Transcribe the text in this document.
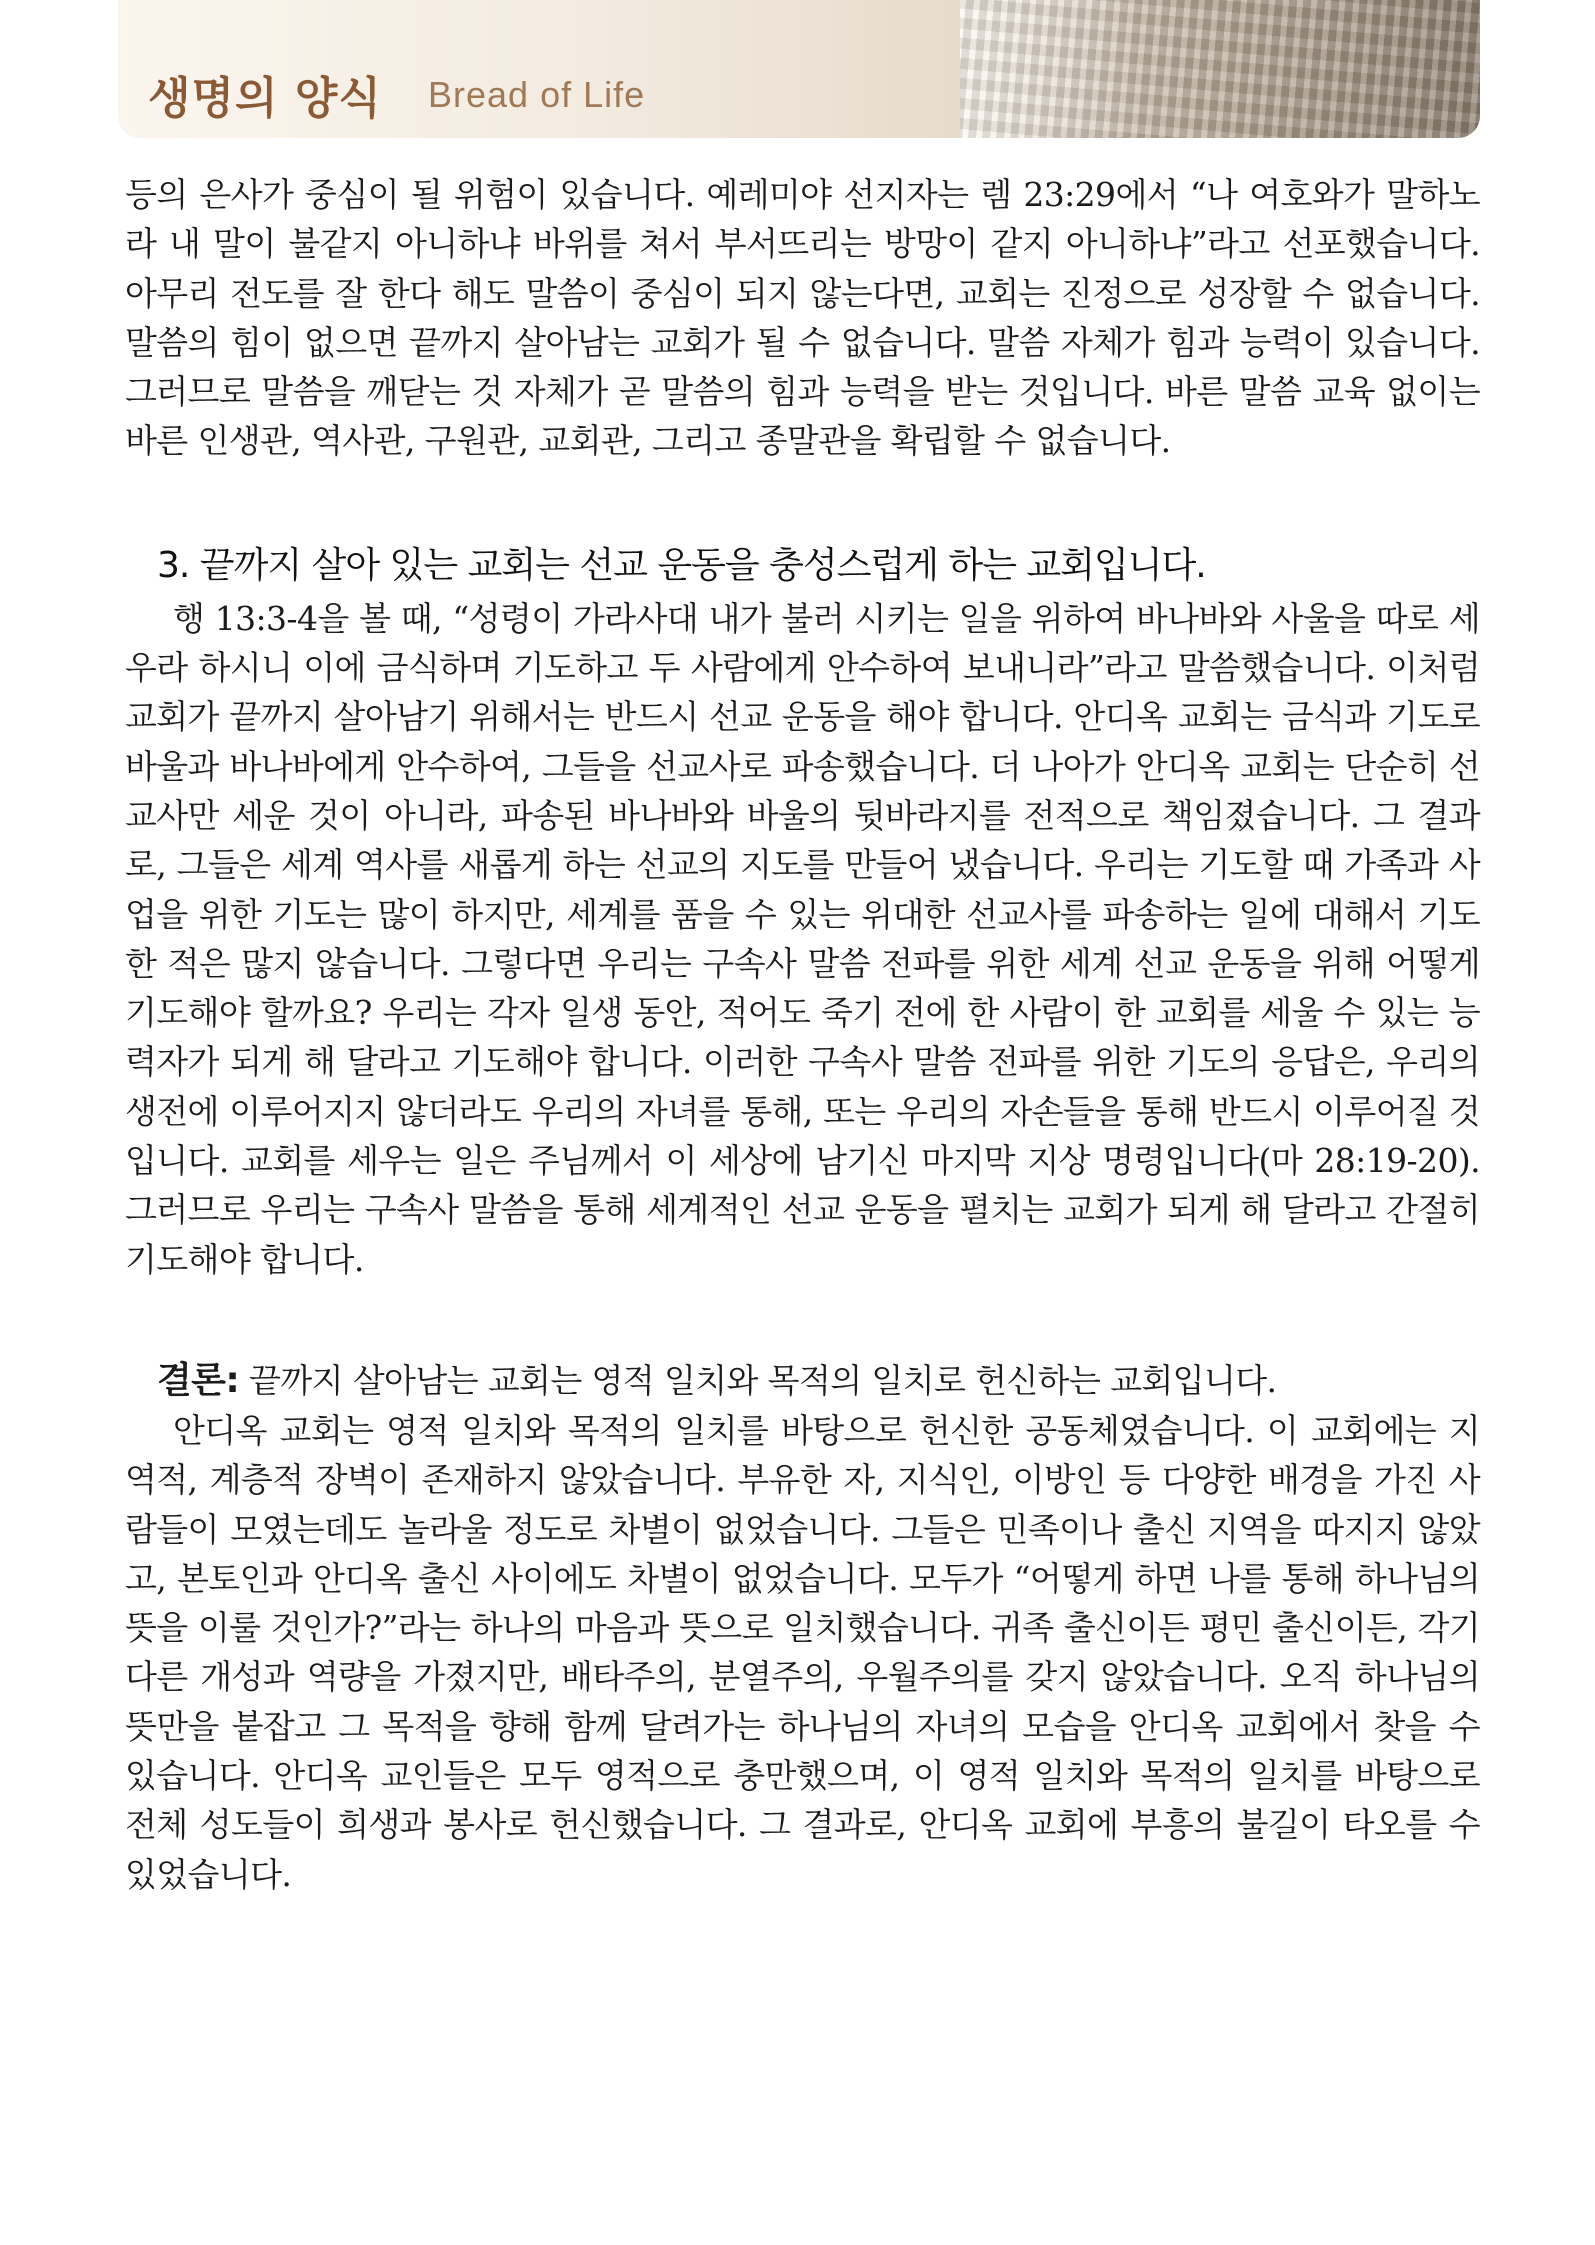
생명의 양식 Bread of Life

등의 은사가 중심이 될 위험이 있습니다. 예레미야 선지자는 렘 23:29에서 “나 여호와가 말하노라 내 말이 불같지 아니하냐 바위를 쳐서 부서뜨리는 방망이 같지 아니하냐”라고 선포했습니다. 아무리 전도를 잘 한다 해도 말씀이 중심이 되지 않는다면, 교회는 진정으로 성장할 수 없습니다. 말씀의 힘이 없으면 끝까지 살아남는 교회가 될 수 없습니다. 말씀 자체가 힘과 능력이 있습니다. 그러므로 말씀을 깨닫는 것 자체가 곧 말씀의 힘과 능력을 받는 것입니다. 바른 말씀 교육 없이는 바른 인생관, 역사관, 구원관, 교회관, 그리고 종말관을 확립할 수 없습니다.

3. 끝까지 살아 있는 교회는 선교 운동을 충성스럽게 하는 교회입니다.

행 13:3-4을 볼 때, “성령이 가라사대 내가 불러 시키는 일을 위하여 바나바와 사울을 따로 세우라 하시니 이에 금식하며 기도하고 두 사람에게 안수하여 보내니라”라고 말씀했습니다. 이처럼 교회가 끝까지 살아남기 위해서는 반드시 선교 운동을 해야 합니다. 안디옥 교회는 금식과 기도로 바울과 바나바에게 안수하여, 그들을 선교사로 파송했습니다. 더 나아가 안디옥 교회는 단순히 선교사만 세운 것이 아니라, 파송된 바나바와 바울의 뒷바라지를 전적으로 책임졌습니다. 그 결과로, 그들은 세계 역사를 새롭게 하는 선교의 지도를 만들어 냈습니다. 우리는 기도할 때 가족과 사업을 위한 기도는 많이 하지만, 세계를 품을 수 있는 위대한 선교사를 파송하는 일에 대해서 기도한 적은 많지 않습니다. 그렇다면 우리는 구속사 말씀 전파를 위한 세계 선교 운동을 위해 어떻게 기도해야 할까요? 우리는 각자 일생 동안, 적어도 죽기 전에 한 사람이 한 교회를 세울 수 있는 능력자가 되게 해 달라고 기도해야 합니다. 이러한 구속사 말씀 전파를 위한 기도의 응답은, 우리의 생전에 이루어지지 않더라도 우리의 자녀를 통해, 또는 우리의 자손들을 통해 반드시 이루어질 것입니다. 교회를 세우는 일은 주님께서 이 세상에 남기신 마지막 지상 명령입니다(마 28:19-20). 그러므로 우리는 구속사 말씀을 통해 세계적인 선교 운동을 펼치는 교회가 되게 해 달라고 간절히 기도해야 합니다.

결론: 끝까지 살아남는 교회는 영적 일치와 목적의 일치로 헌신하는 교회입니다.

안디옥 교회는 영적 일치와 목적의 일치를 바탕으로 헌신한 공동체였습니다. 이 교회에는 지역적, 계층적 장벽이 존재하지 않았습니다. 부유한 자, 지식인, 이방인 등 다양한 배경을 가진 사람들이 모였는데도 놀라울 정도로 차별이 없었습니다. 그들은 민족이나 출신 지역을 따지지 않았고, 본토인과 안디옥 출신 사이에도 차별이 없었습니다. 모두가 “어떻게 하면 나를 통해 하나님의 뜻을 이룰 것인가?”라는 하나의 마음과 뜻으로 일치했습니다. 귀족 출신이든 평민 출신이든, 각기 다른 개성과 역량을 가졌지만, 배타주의, 분열주의, 우월주의를 갖지 않았습니다. 오직 하나님의 뜻만을 붙잡고 그 목적을 향해 함께 달려가는 하나님의 자녀의 모습을 안디옥 교회에서 찾을 수 있습니다. 안디옥 교인들은 모두 영적으로 충만했으며, 이 영적 일치와 목적의 일치를 바탕으로 전체 성도들이 희생과 봉사로 헌신했습니다. 그 결과로, 안디옥 교회에 부흥의 불길이 타오를 수 있었습니다.
